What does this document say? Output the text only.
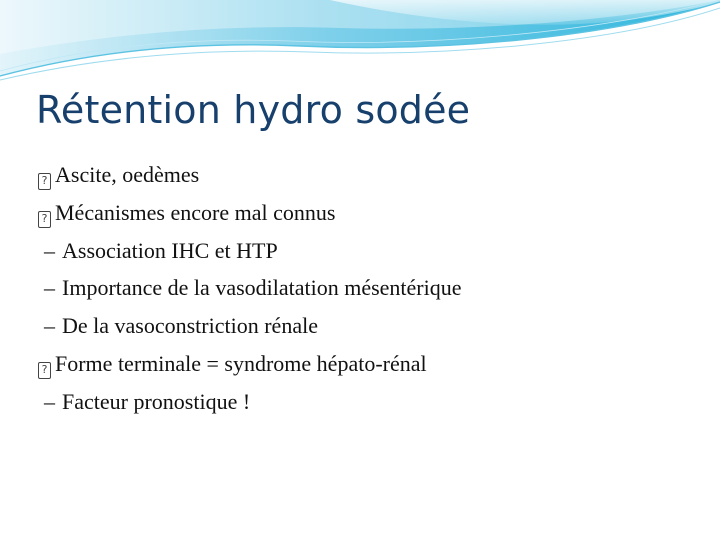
Rétention hydro sodée
? Ascite, oedèmes
? Mécanismes encore mal connus
– Association IHC et HTP
– Importance de la vasodilatation mésentérique
– De la vasoconstriction rénale
? Forme terminale = syndrome hépato-rénal
– Facteur pronostique !
